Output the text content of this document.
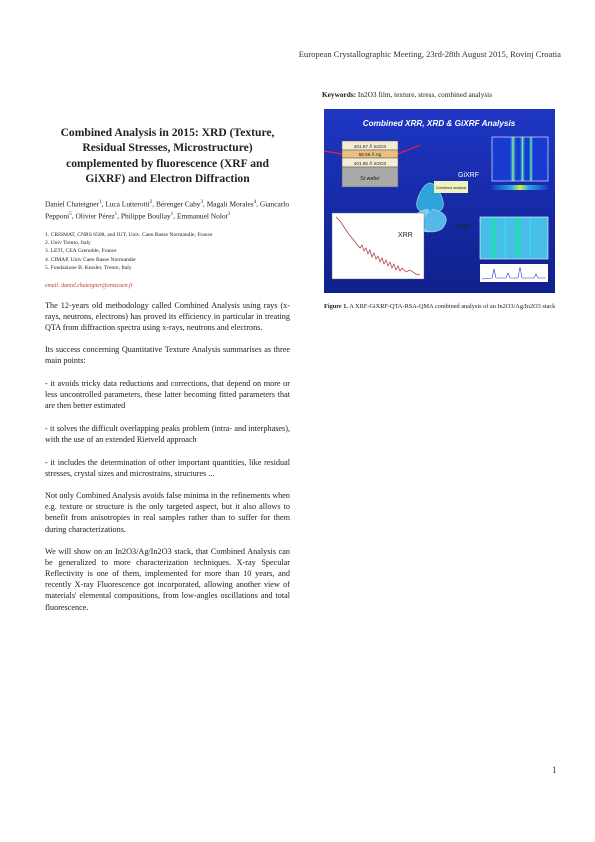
European Crystallographic Meeting, 23rd-28th August 2015, Rovinj Croatia
Combined Analysis in 2015: XRD (Texture, Residual Stresses, Microstructure) complemented by fluorescence (XRF and GiXRF) and Electron Diffraction

Daniel Chateigner$^1$, Luca Lutterotti$^2$, Bérenger Caby$^3$, Magali Morales$^4$, Giancarlo Pepponi$^5$, Olivier Pérez$^1$, Philippe Boullay$^1$, Emmanuel Nolot$^3$

1. CRISMAT, CNRS 6508, and IUT, Univ. Caen Basse Normandie, France
2. Univ Trento, Italy
3. LETI, CEA Grenoble, France
4. CIMAP, Univ Caen Basse Normandie
5. Fondazione B. Kessler, Trento, Italy

email: daniel.chateigner@ensicaen.fr

The 12-years old methodology called Combined Analysis using rays (x-rays, neutrons, electrons) has proved its efficiency in particular in treating QTA from diffraction spectra using x-rays, neutrons and electrons.

Its success concerning Quantitative Texture Analysis summarises as three main points:

- it avoids tricky data reductions and corrections, that depend on more or less uncontrolled parameters, these latter becoming fitted parameters that are then better estimated

- it solves the difficult overlapping peaks problem (intra- and interphases), with the use of an extended Rietveld approach

- it includes the determination of other important quantities, like residual stresses, crystal sizes and microstrains, structures ...

Not only Combined Analysis avoids false minima in the refinements when e.g. texture or structure is the only targeted aspect, but it also allows to benefit from anisotropies in real samples rather than to suffer for them during characterizations.

We will show on an In2O3/Ag/In2O3 stack, that Combined Analysis can be generalized to more characterization techniques. X-ray Specular Reflectivity is one of them, implemented for more than 10 years, and recently X-ray Fluorescence got incorporated, allowing another view of materials' elemental compositions, from low-angles oscillations and total fluorescence.

Keywords: In2O3 film, texture, stress, combined analysis
Combined XRR, XRD & GiXRF Analysis
401.87 Å In2O3
58.55 Å Ag
401.55 Å In2O3
Si wafer	GiXRF
Combined analysis
XRR
XRD
Figure 1. A XRF-GiXRF-QTA-RSA-QMA combined analysis of an In2O3/Ag/In2O3 stack
1
